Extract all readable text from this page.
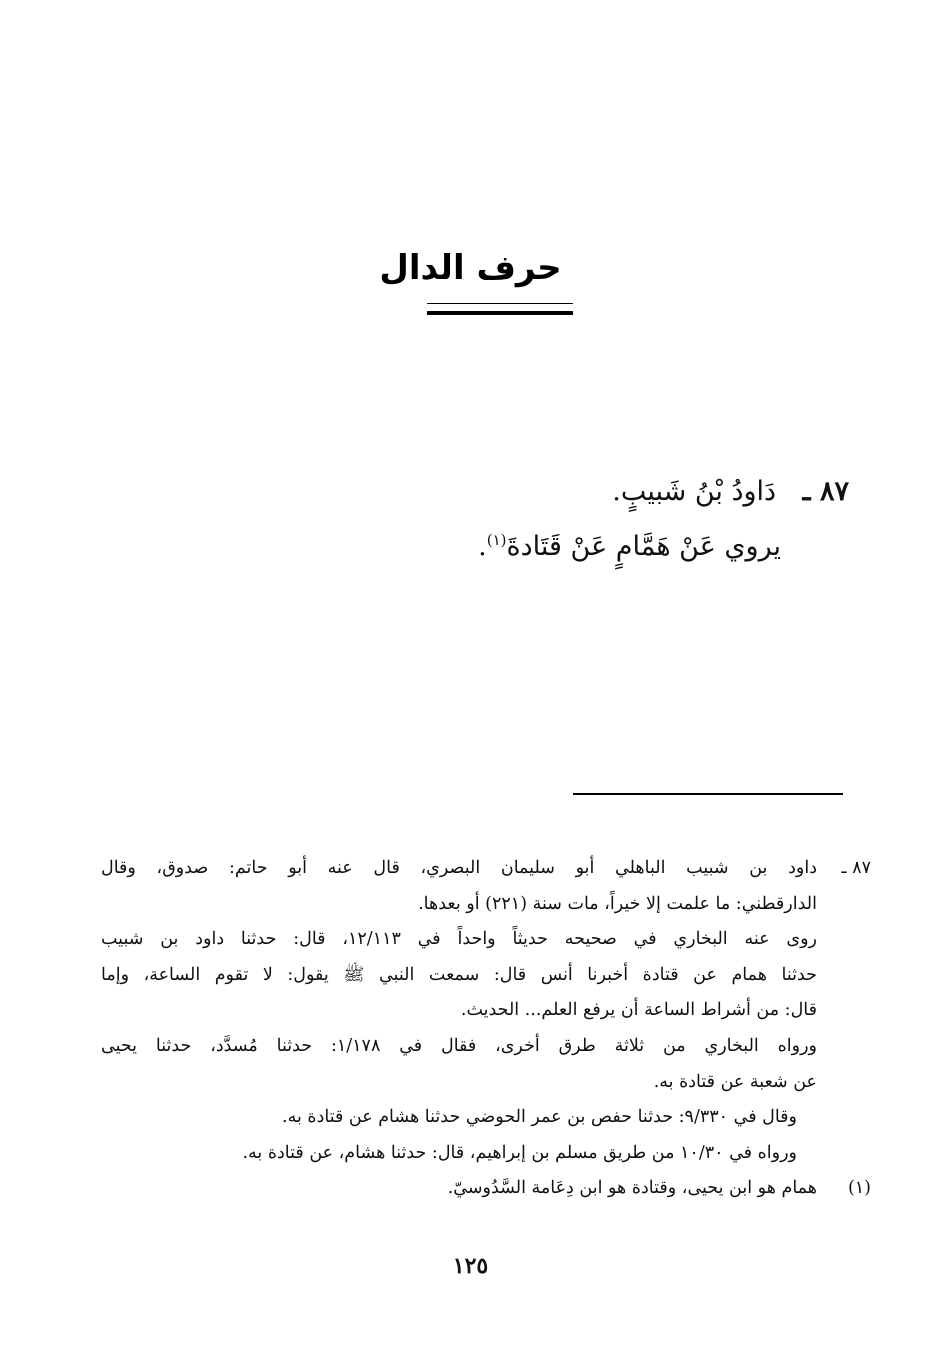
حرف الدال
٨٧ ـ دَاودُ بْنُ شَبيبٍ.
يروي عَنْ هَمَّامٍ عَنْ قَتَادةَ$^{(١)}$.
٨٧ ـ
داود بن شبيب الباهلي أبو سليمان البصري، قال عنه أبو حاتم: صدوق، وقال
الدارقطني: ما علمت إلا خيراً، مات سنة (٢٢١) أو بعدها.
روى عنه البخاري في صحيحه حديثاً واحداً في ١٢/١١٣، قال: حدثنا داود بن شبيب
حدثنا همام عن قتادة أخبرنا أنس قال: سمعت النبي ﷺ يقول: لا تقوم الساعة، وإما
قال: من أشراط الساعة أن يرفع العلم... الحديث.
ورواه البخاري من ثلاثة طرق أخرى، فقال في ١/١٧٨: حدثنا مُسدَّد، حدثنا يحيى
عن شعبة عن قتادة به.
وقال في ٩/٣٣٠: حدثنا حفص بن عمر الحوضي حدثنا هشام عن قتادة به.
ورواه في ١٠/٣٠ من طريق مسلم بن إبراهيم، قال: حدثنا هشام، عن قتادة به.
(١)
همام هو ابن يحيى، وقتادة هو ابن دِعَامة السَّدُوسيّ.
١٢٥
